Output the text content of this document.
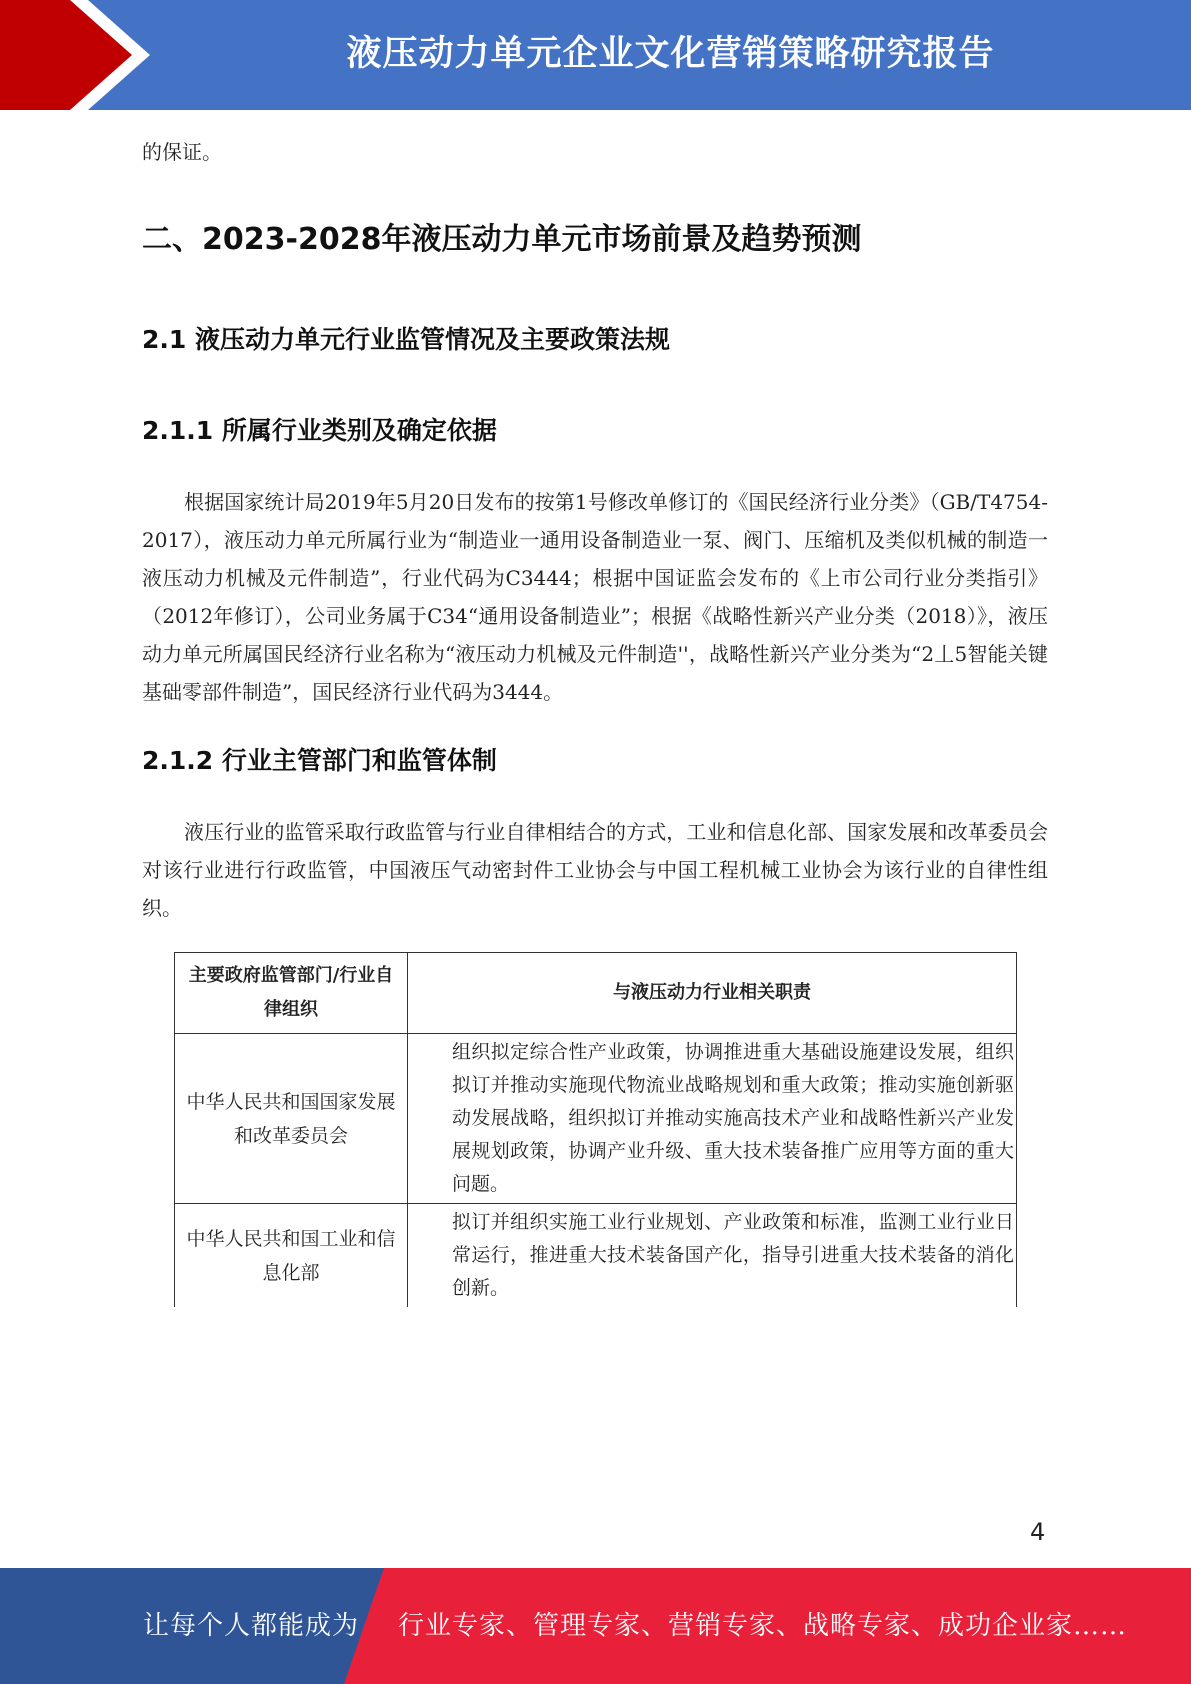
液压动力单元企业文化营销策略研究报告
的保证。
二、2023-2028年液压动力单元市场前景及趋势预测
2.1 液压动力单元行业监管情况及主要政策法规
2.1.1 所属行业类别及确定依据
根据国家统计局2019年5月20日发布的按第1号修改单修订的《国民经济行业分类》（GB/T4754-2017），液压动力单元所属行业为“制造业一通用设备制造业一泵、阀门、压缩机及类似机械的制造一液压动力机械及元件制造”，行业代码为C3444；根据中国证监会发布的《上市公司行业分类指引》（2012年修订），公司业务属于C34“通用设备制造业”；根据《战略性新兴产业分类（2018）》，液压动力单元所属国民经济行业名称为“液压动力机械及元件制造''，战略性新兴产业分类为“2丄5智能关键基础零部件制造”，国民经济行业代码为3444。
2.1.2 行业主管部门和监管体制
液压行业的监管采取行政监管与行业自律相结合的方式，工业和信息化部、国家发展和改革委员会对该行业进行行政监管，中国液压气动密封件工业协会与中国工程机械工业协会为该行业的自律性组织。
主要政府监管部门/行业自律组织	与液压动力行业相关职责
中华人民共和国国家发展和改革委员会	组织拟定综合性产业政策，协调推进重大基础设施建设发展，组织拟订并推动实施现代物流业战略规划和重大政策；推动实施创新驱动发展战略，组织拟订并推动实施高技术产业和战略性新兴产业发展规划政策，协调产业升级、重大技术装备推广应用等方面的重大问题。
中华人民共和国工业和信息化部	拟订并组织实施工业行业规划、产业政策和标准，监测工业行业日常运行，推进重大技术装备国产化，指导引进重大技术装备的消化创新。
4
让每个人都能成为 行业专家、管理专家、营销专家、战略专家、成功企业家……
